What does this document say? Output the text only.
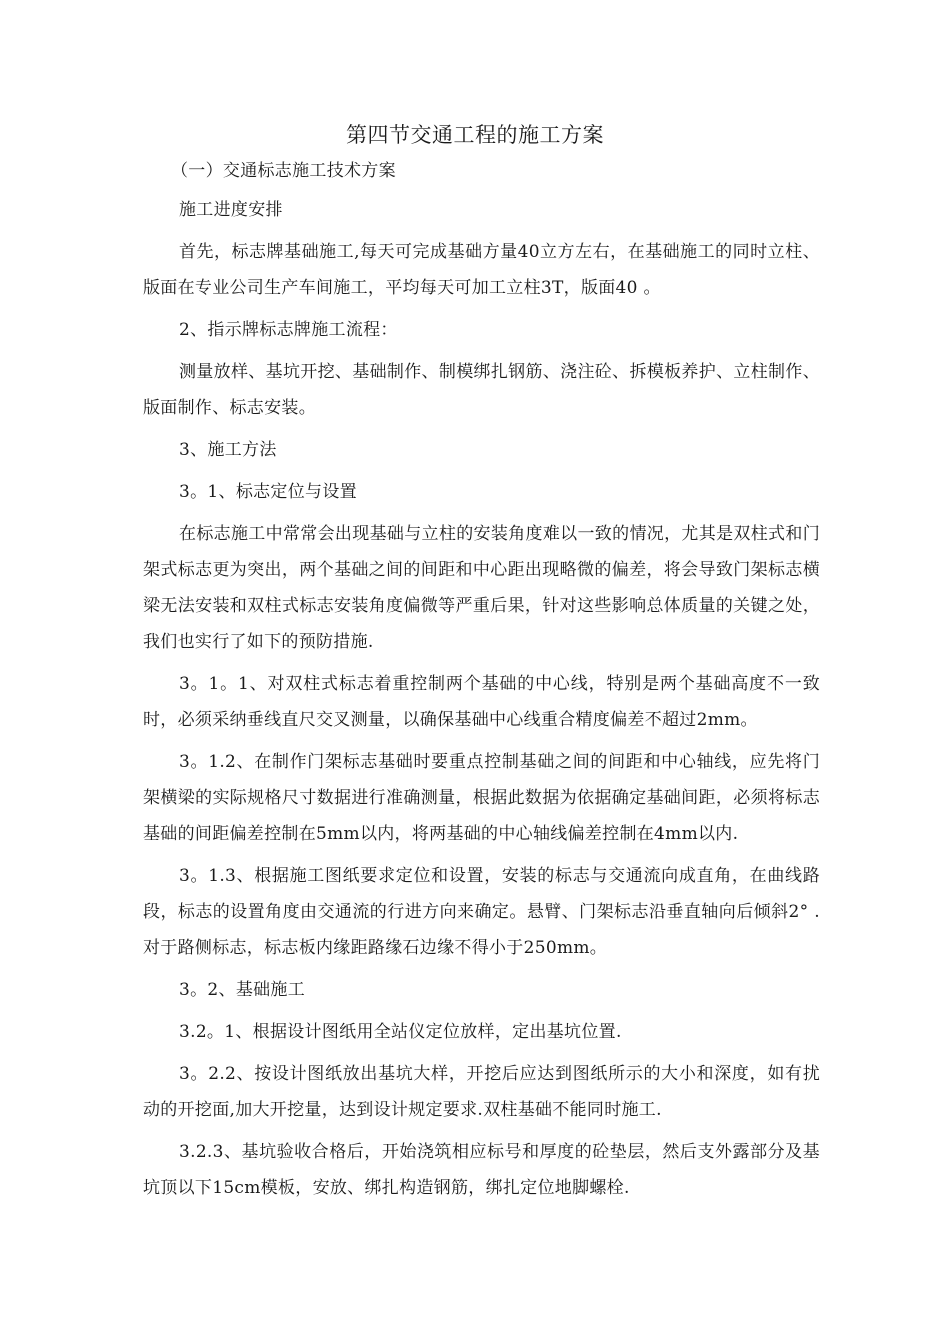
第四节交通工程的施工方案

（一）交通标志施工技术方案

施工进度安排

首先，标志牌基础施工,每天可完成基础方量40立方左右，在基础施工的同时立柱、版面在专业公司生产车间施工，平均每天可加工立柱3T，版面40 。

2、指示牌标志牌施工流程：

测量放样、基坑开挖、基础制作、制模绑扎钢筋、浇注砼、拆模板养护、立柱制作、版面制作、标志安装。

3、施工方法

3。1、标志定位与设置

在标志施工中常常会出现基础与立柱的安装角度难以一致的情况，尤其是双柱式和门架式标志更为突出，两个基础之间的间距和中心距出现略微的偏差，将会导致门架标志横梁无法安装和双柱式标志安装角度偏微等严重后果，针对这些影响总体质量的关键之处，我们也实行了如下的预防措施.

3。1。1、对双柱式标志着重控制两个基础的中心线，特别是两个基础高度不一致时，必须采纳垂线直尺交叉测量，以确保基础中心线重合精度偏差不超过2mm。

3。1.2、在制作门架标志基础时要重点控制基础之间的间距和中心轴线，应先将门架横梁的实际规格尺寸数据进行准确测量，根据此数据为依据确定基础间距，必须将标志基础的间距偏差控制在5mm以内，将两基础的中心轴线偏差控制在4mm以内.

3。1.3、根据施工图纸要求定位和设置，安装的标志与交通流向成直角，在曲线路段，标志的设置角度由交通流的行进方向来确定。悬臂、门架标志沿垂直轴向后倾斜2° .对于路侧标志，标志板内缘距路缘石边缘不得小于250mm。

3。2、基础施工

3.2。1、根据设计图纸用全站仪定位放样，定出基坑位置.

3。2.2、按设计图纸放出基坑大样，开挖后应达到图纸所示的大小和深度，如有扰动的开挖面,加大开挖量，达到设计规定要求.双柱基础不能同时施工.

3.2.3、基坑验收合格后，开始浇筑相应标号和厚度的砼垫层，然后支外露部分及基坑顶以下15cm模板，安放、绑扎构造钢筋，绑扎定位地脚螺栓.
